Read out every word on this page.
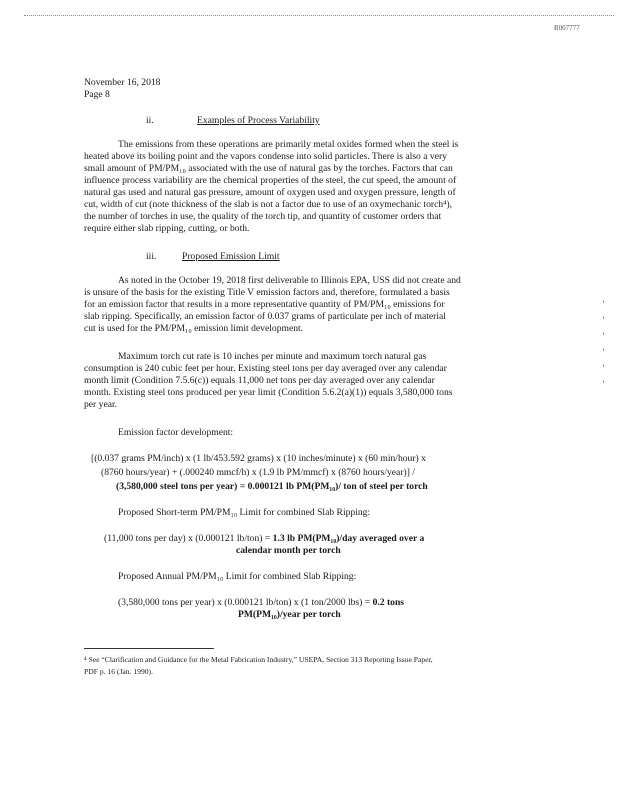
R007777
November 16, 2018
Page 8
ii.	Examples of Process Variability
The emissions from these operations are primarily metal oxides formed when the steel is
heated above its boiling point and the vapors condense into solid particles. There is also a very
small amount of PM/PM₁₀ associated with the use of natural gas by the torches. Factors that can
influence process variability are the chemical properties of the steel, the cut speed, the amount of
natural gas used and natural gas pressure, amount of oxygen used and oxygen pressure, length of
cut, width of cut (note thickness of the slab is not a factor due to use of an oxymechanic torch⁴),
the number of torches in use, the quality of the torch tip, and quantity of customer orders that
require either slab ripping, cutting, or both.
iii.	Proposed Emission Limit
As noted in the October 19, 2018 first deliverable to Illinois EPA, USS did not create and
is unsure of the basis for the existing Title V emission factors and, therefore, formulated a basis
for an emission factor that results in a more representative quantity of PM/PM₁₀ emissions for
slab ripping. Specifically, an emission factor of 0.037 grams of particulate per inch of material
cut is used for the PM/PM₁₀ emission limit development.
Maximum torch cut rate is 10 inches per minute and maximum torch natural gas
consumption is 240 cubic feet per hour. Existing steel tons per day averaged over any calendar
month limit (Condition 7.5.6(c)) equals 11,000 net tons per day averaged over any calendar
month. Existing steel tons produced per year limit (Condition 5.6.2(a)(1)) equals 3,580,000 tons
per year.
Emission factor development:
[(0.037 grams PM/inch) x (1 lb/453.592 grams) x (10 inches/minute) x (60 min/hour) x
(8760 hours/year) + (.000240 mmcf/h) x (1.9 lb PM/mmcf) x (8760 hours/year)] /
(3,580,000 steel tons per year) = 0.000121 lb PM(PM₁₀)/ ton of steel per torch
Proposed Short-term PM/PM₁₀ Limit for combined Slab Ripping:
(11,000 tons per day) x (0.000121 lb/ton) = 1.3 lb PM(PM₁₀)/day averaged over a
calendar month per torch
Proposed Annual PM/PM₁₀ Limit for combined Slab Ripping:
(3,580,000 tons per year) x (0.000121 lb/ton) x (1 ton/2000 lbs) = 0.2 tons
PM(PM₁₀)/year per torch
⁴ See “Clarification and Guidance for the Metal Fabrication Industry,” USEPA, Section 313 Reporting Issue Paper,
PDF p. 16 (Jan. 1990).
